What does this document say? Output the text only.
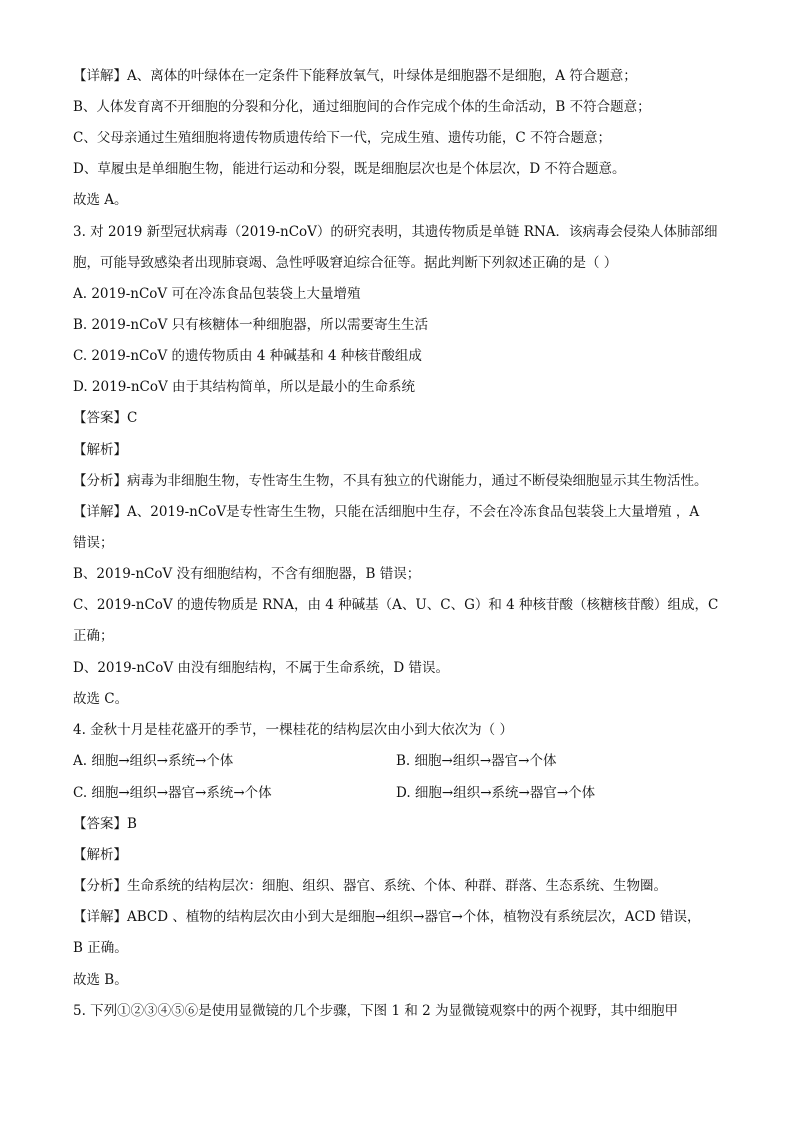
【详解】A、离体的叶绿体在一定条件下能释放氧气，叶绿体是细胞器不是细胞，A 符合题意；
B、人体发育离不开细胞的分裂和分化，通过细胞间的合作完成个体的生命活动，B 不符合题意；
C、父母亲通过生殖细胞将遗传物质遗传给下一代，完成生殖、遗传功能，C 不符合题意；
D、草履虫是单细胞生物，能进行运动和分裂，既是细胞层次也是个体层次，D 不符合题意。
故选 A。
3. 对 2019 新型冠状病毒（2019-nCoV）的研究表明，其遗传物质是单链 RNA．该病毒会侵染人体肺部细
胞，可能导致感染者出现肺衰竭、急性呼吸窘迫综合征等。据此判断下列叙述正确的是（ ）
A. 2019-nCoV 可在冷冻食品包装袋上大量增殖
B. 2019-nCoV 只有核糖体一种细胞器，所以需要寄生生活
C. 2019-nCoV 的遗传物质由 4 种碱基和 4 种核苷酸组成
D. 2019-nCoV 由于其结构简单，所以是最小的生命系统
【答案】C
【解析】
【分析】病毒为非细胞生物，专性寄生生物，不具有独立的代谢能力，通过不断侵染细胞显示其生物活性。
【详解】A、2019-nCoV是专性寄生生物，只能在活细胞中生存，不会在冷冻食品包装袋上大量增殖 ，A
错误；
B、2019-nCoV 没有细胞结构，不含有细胞器，B 错误；
C、2019-nCoV 的遗传物质是 RNA，由 4 种碱基（A、U、C、G）和 4 种核苷酸（核糖核苷酸）组成，C
正确；
D、2019-nCoV 由没有细胞结构，不属于生命系统，D 错误。
故选 C。
4. 金秋十月是桂花盛开的季节，一棵桂花的结构层次由小到大依次为（ ）
A. 细胞→组织→系统→个体	B. 细胞→组织→器官→个体
C. 细胞→组织→器官→系统→个体	D. 细胞→组织→系统→器官→个体
【答案】B
【解析】
【分析】生命系统的结构层次：细胞、组织、器官、系统、个体、种群、群落、生态系统、生物圈。
【详解】ABCD 、植物的结构层次由小到大是细胞→组织→器官→个体，植物没有系统层次，ACD 错误，
B 正确。
故选 B。
5. 下列①②③④⑤⑥是使用显微镜的几个步骤，下图 1 和 2 为显微镜观察中的两个视野，其中细胞甲
